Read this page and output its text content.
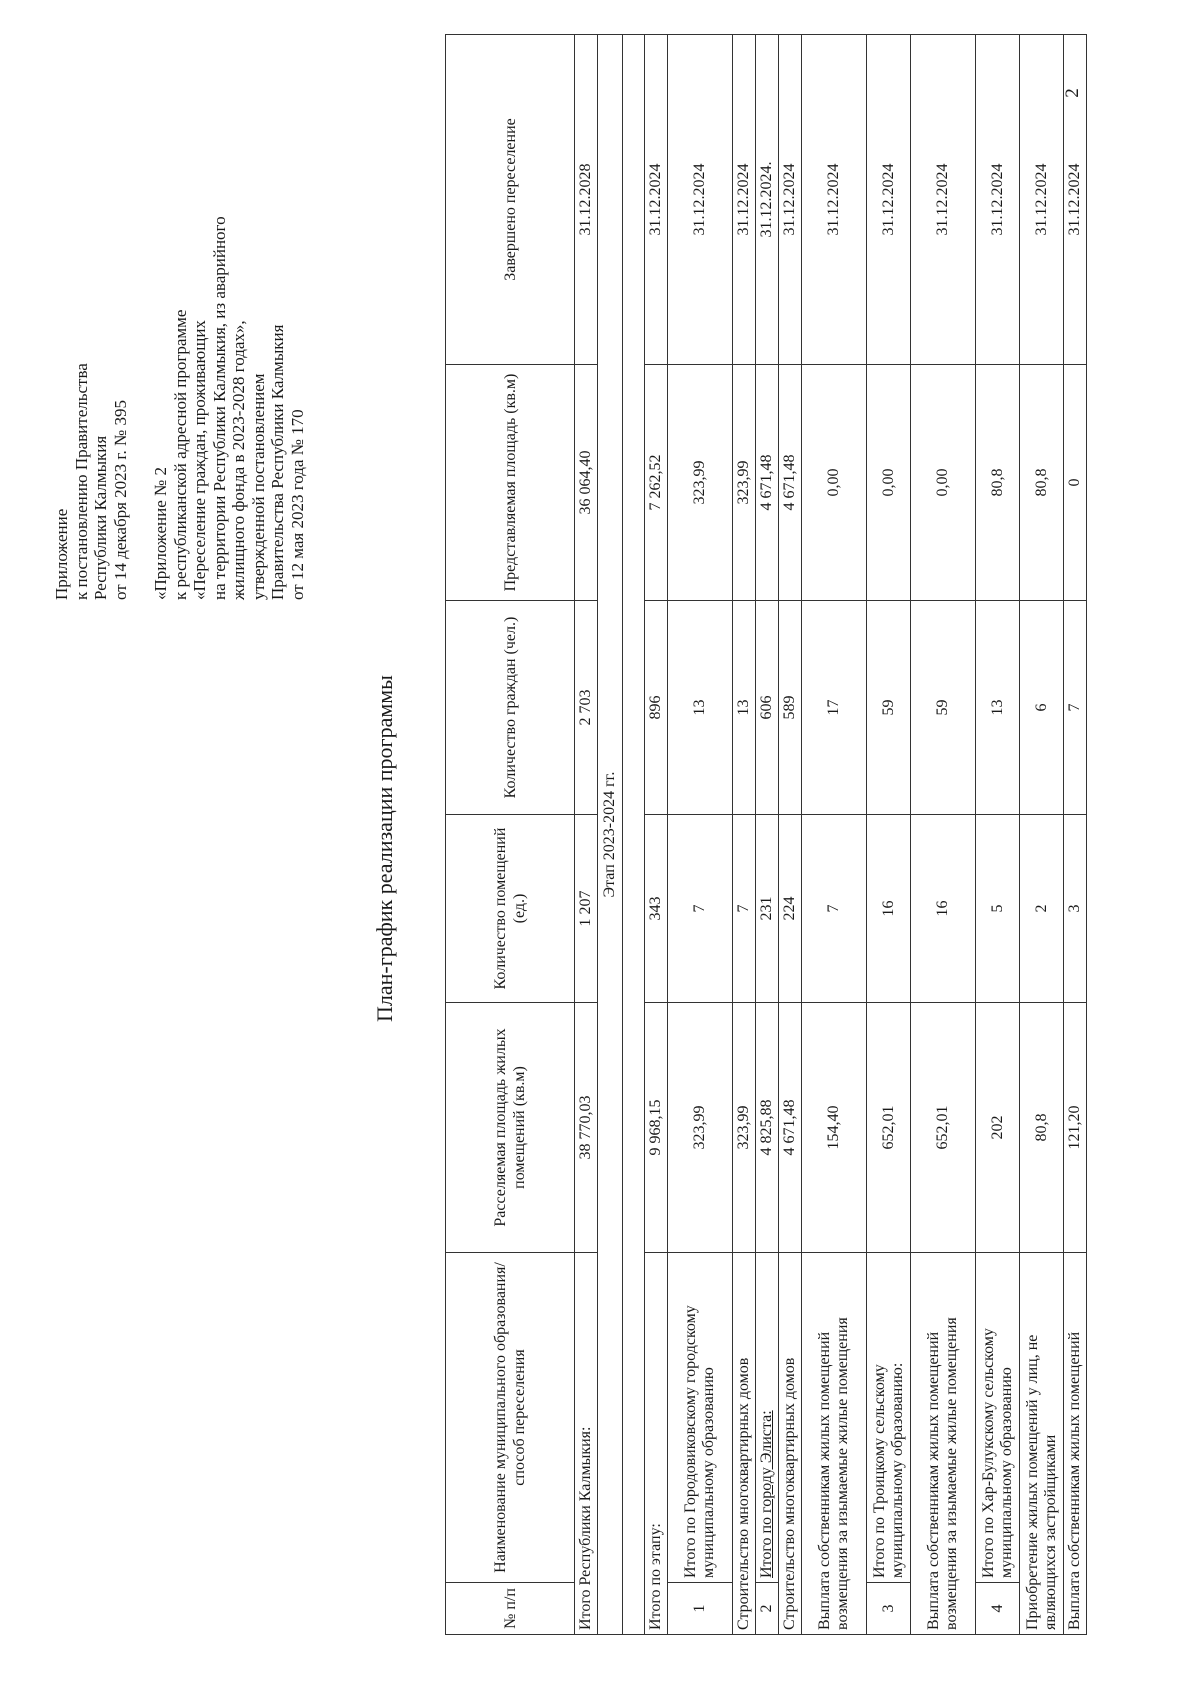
2
Приложение к постановлению Правительства Республики Калмыкия от 14 декабря 2023 г. № 395 «Приложение № 2 к республиканской адресной программе «Переселение граждан, проживающих на территории Республики Калмыкия, из аварийного жилищного фонда в 2023-2028 годах», утвержденной постановлением Правительства Республики Калмыкия от 12 мая 2023 года № 170
План-график реализации программы
№ п/п	Наименование муниципального образования/ способ переселения	Расселяемая площадь жилых помещений (кв.м)	Количество помещений (ед.)	Количество граждан (чел.)	Представляемая площадь (кв.м)	Завершено переселение
Итого Республики Калмыкия:		38 770,03	1 207	2 703	36 064,40	31.12.2028
Этап 2023-2024 гг.						

Итого по этапу:		9 968,15	343	896	7 262,52	31.12.2024
1	Итого по Городовиковскому городскому муниципальному образованию	323,99	7	13	323,99	31.12.2024
Строительство многоквартирных домов		323,99	7	13	323,99	31.12.2024
2	Итого по городу Элиста:	4 825,88	231	606	4 671,48	31.12.2024.
Строительство многоквартирных домов		4 671,48	224	589	4 671,48	31.12.2024
Выплата собственникам жилых помещений возмещения за изымаемые жилые помещения		154,40	7	17	0,00	31.12.2024
3	Итого по Троицкому сельскому муниципальному образованию:	652,01	16	59	0,00	31.12.2024
Выплата собственникам жилых помещений возмещения за изымаемые жилые помещения		652,01	16	59	0,00	31.12.2024
4	Итого по Хар-Булукскому сельскому муниципальному образованию	202	5	13	80,8	31.12.2024
Приобретение жилых помещений у лиц, не являющихся застройщиками		80,8	2	6	80,8	31.12.2024
Выплата собственникам жилых помещений		121,20	3	7	0	31.12.2024
